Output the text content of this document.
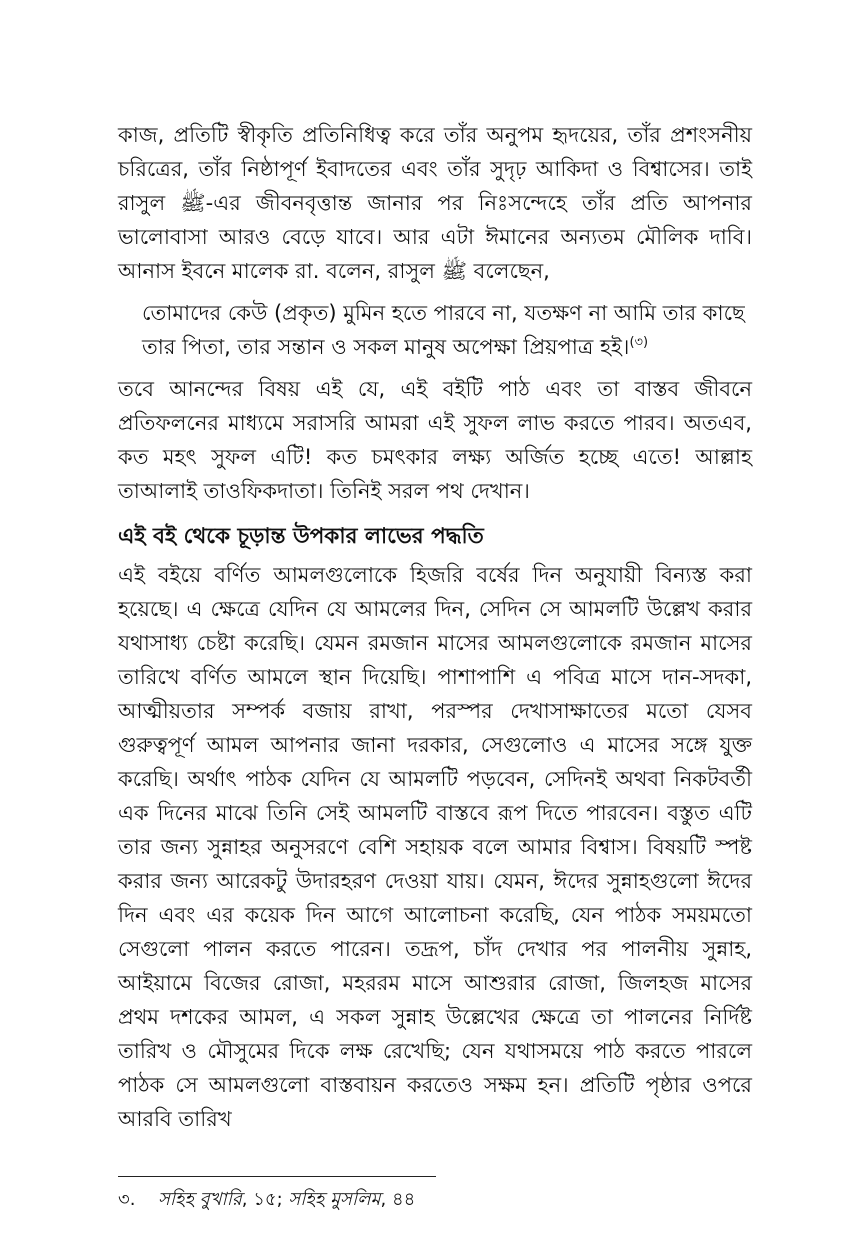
কাজ, প্রতিটি স্বীকৃতি প্রতিনিধিত্ব করে তাঁর অনুপম হৃদয়ের, তাঁর প্রশংসনীয় চরিত্রের, তাঁর নিষ্ঠাপূর্ণ ইবাদতের এবং তাঁর সুদৃঢ় আকিদা ও বিশ্বাসের। তাই রাসুল ﷺ-এর জীবনবৃত্তান্ত জানার পর নিঃসন্দেহে তাঁর প্রতি আপনার ভালোবাসা আরও বেড়ে যাবে। আর এটা ঈমানের অন্যতম মৌলিক দাবি। আনাস ইবনে মালেক রা. বলেন, রাসুল ﷺ বলেছেন,

তোমাদের কেউ (প্রকৃত) মুমিন হতে পারবে না, যতক্ষণ না আমি তার কাছে তার পিতা, তার সন্তান ও সকল মানুষ অপেক্ষা প্রিয়পাত্র হই।$^{(৩)}$

তবে আনন্দের বিষয় এই যে, এই বইটি পাঠ এবং তা বাস্তব জীবনে প্রতিফলনের মাধ্যমে সরাসরি আমরা এই সুফল লাভ করতে পারব। অতএব, কত মহৎ সুফল এটি! কত চমৎকার লক্ষ্য অর্জিত হচ্ছে এতে! আল্লাহ তাআলাই তাওফিকদাতা। তিনিই সরল পথ দেখান।

এই বই থেকে চূড়ান্ত উপকার লাভের পদ্ধতি

এই বইয়ে বর্ণিত আমলগুলোকে হিজরি বর্ষের দিন অনুযায়ী বিন্যস্ত করা হয়েছে। এ ক্ষেত্রে যেদিন যে আমলের দিন, সেদিন সে আমলটি উল্লেখ করার যথাসাধ্য চেষ্টা করেছি। যেমন রমজান মাসের আমলগুলোকে রমজান মাসের তারিখে বর্ণিত আমলে স্থান দিয়েছি। পাশাপাশি এ পবিত্র মাসে দান-সদকা, আত্মীয়তার সম্পর্ক বজায় রাখা, পরস্পর দেখাসাক্ষাতের মতো যেসব গুরুত্বপূর্ণ আমল আপনার জানা দরকার, সেগুলোও এ মাসের সঙ্গে যুক্ত করেছি। অর্থাৎ পাঠক যেদিন যে আমলটি পড়বেন, সেদিনই অথবা নিকটবর্তী এক দিনের মাঝে তিনি সেই আমলটি বাস্তবে রূপ দিতে পারবেন। বস্তুত এটি তার জন্য সুন্নাহর অনুসরণে বেশি সহায়ক বলে আমার বিশ্বাস। বিষয়টি স্পষ্ট করার জন্য আরেকটু উদারহরণ দেওয়া যায়। যেমন, ঈদের সুন্নাহগুলো ঈদের দিন এবং এর কয়েক দিন আগে আলোচনা করেছি, যেন পাঠক সময়মতো সেগুলো পালন করতে পারেন। তদ্রূপ, চাঁদ দেখার পর পালনীয় সুন্নাহ, আইয়ামে বিজের রোজা, মহররম মাসে আশুরার রোজা, জিলহজ মাসের প্রথম দশকের আমল, এ সকল সুন্নাহ উল্লেখের ক্ষেত্রে তা পালনের নির্দিষ্ট তারিখ ও মৌসুমের দিকে লক্ষ রেখেছি; যেন যথাসময়ে পাঠ করতে পারলে পাঠক সে আমলগুলো বাস্তবায়ন করতেও সক্ষম হন। প্রতিটি পৃষ্ঠার ওপরে আরবি তারিখ

৩. সহিহ বুখারি, ১৫; সহিহ মুসলিম, ৪৪
